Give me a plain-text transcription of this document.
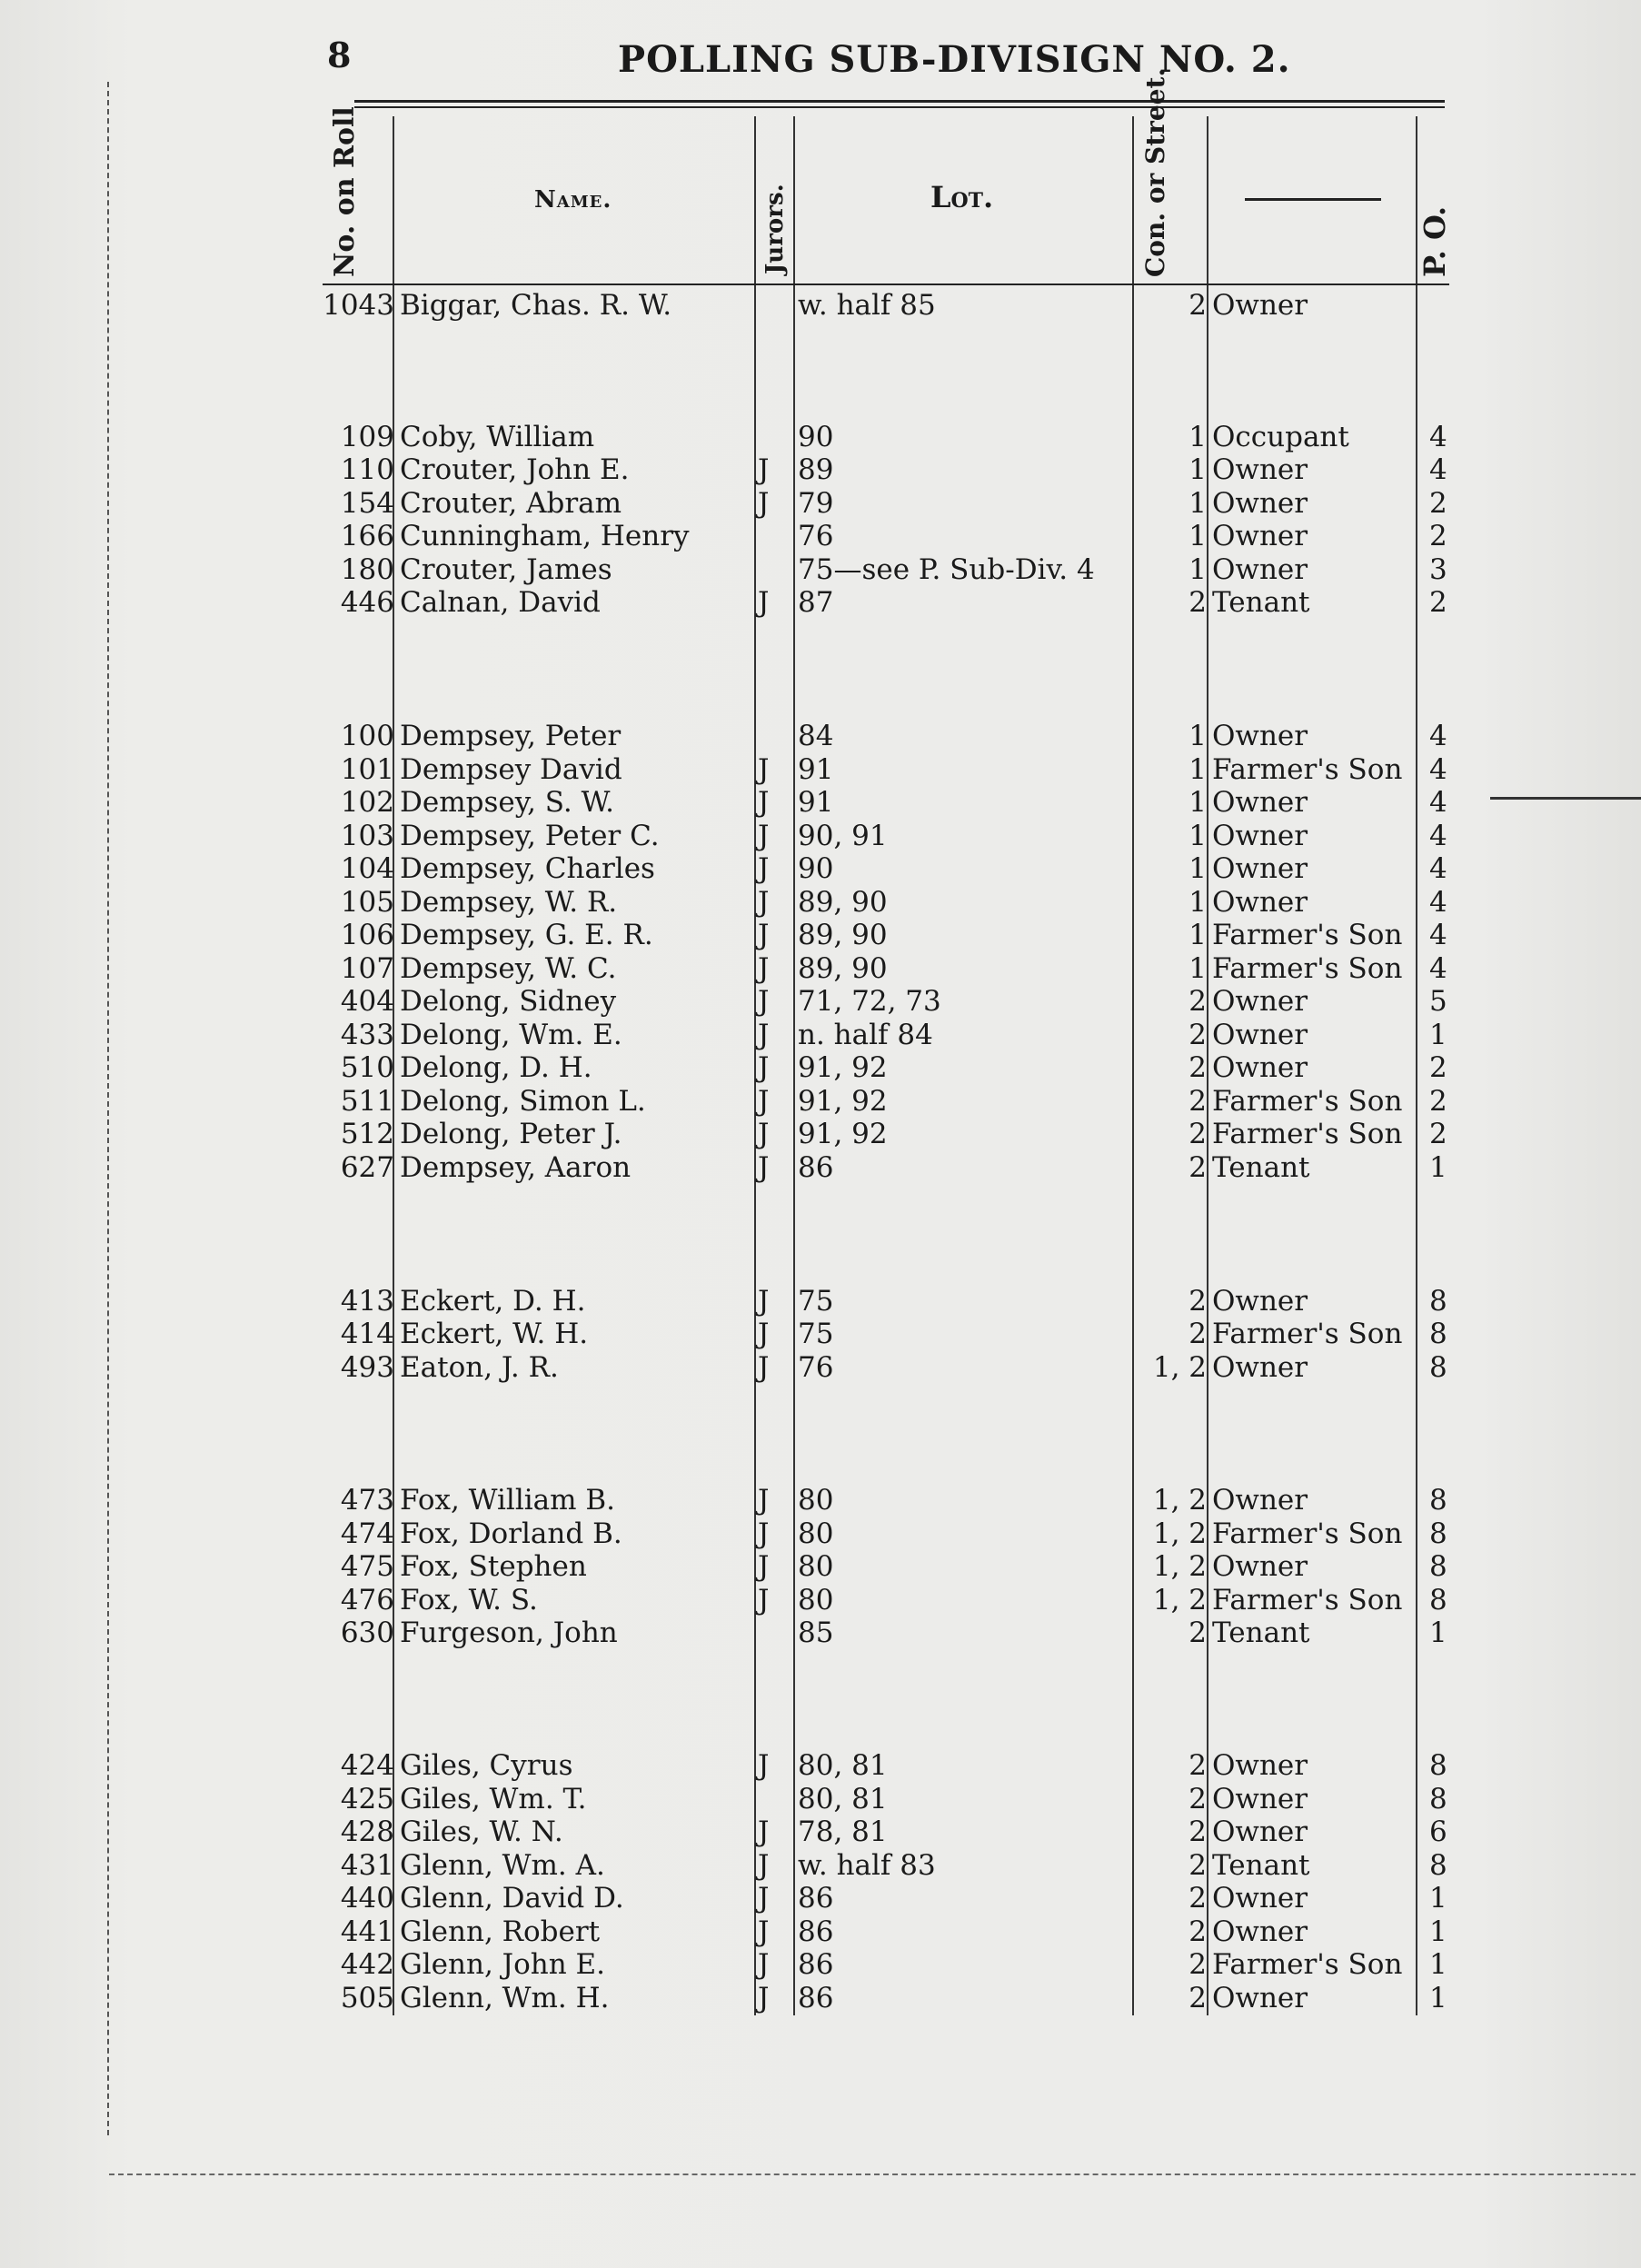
8	POLLING SUB-DIVISIGN NO. 2.
No. on Roll	Name.	Jurors.	Lot.	Con. or Street.	P. O.
1043 Biggar, Chas. R. W.	w. half 85	2 Owner
109 Coby, William	90	1 Occupant	4
110 Crouter, John E.	J 89	1 Owner	4
154 Crouter, Abram	J 79	1 Owner	2
166 Cunningham, Henry	76	1 Owner	2
180 Crouter, James	75—see P. Sub-Div. 4	1 Owner	3
446 Calnan, David	J 87	2 Tenant	2
100 Dempsey, Peter	84	1 Owner	4
101 Dempsey David	J 91	1 Farmer's Son 4
102 Dempsey, S. W.	J 91	1 Owner	4
103 Dempsey, Peter C.	J 90, 91	1 Owner	4
104 Dempsey, Charles	J 90	1 Owner	4
105 Dempsey, W. R.	J 89, 90	1 Owner	4
106 Dempsey, G. E. R.	J 89, 90	1 Farmer's Son 4
107 Dempsey, W. C.	J 89, 90	1 Farmer's Son 4
404 Delong, Sidney	J 71, 72, 73	2 Owner	5
433 Delong, Wm. E.	J n. half 84	2 Owner	1
510 Delong, D. H.	J 91, 92	2 Owner	2
511 Delong, Simon L.	J 91, 92	2 Farmer's Son 2
512 Delong, Peter J.	J 91, 92	2 Farmer's Son 2
627 Dempsey, Aaron	J 86	2 Tenant	1
413 Eckert, D. H.	J 75	2 Owner	8
414 Eckert, W. H.	J 75	2 Farmer's Son 8
493 Eaton, J. R.	J 76	1, 2 Owner	8
473 Fox, William B.	J 80	1, 2 Owner	8
474 Fox, Dorland B.	J 80	1, 2 Farmer's Son 8
475 Fox, Stephen	J 80	1, 2 Owner	8
476 Fox, W. S.	J 80	1, 2 Farmer's Son 8
630 Furgeson, John	85	2 Tenant	1
424 Giles, Cyrus	J 80, 81	2 Owner	8
425 Giles, Wm. T.	80, 81	2 Owner	8
428 Giles, W. N.	J 78, 81	2 Owner	6
431 Glenn, Wm. A.	J w. half 83	2 Tenant	8
440 Glenn, David D.	J 86	2 Owner	1
441 Glenn, Robert	J 86	2 Owner	1
442 Glenn, John E.	J 86	2 Farmer's Son 1
505 Glenn, Wm. H.	J 86	2 Owner	1
